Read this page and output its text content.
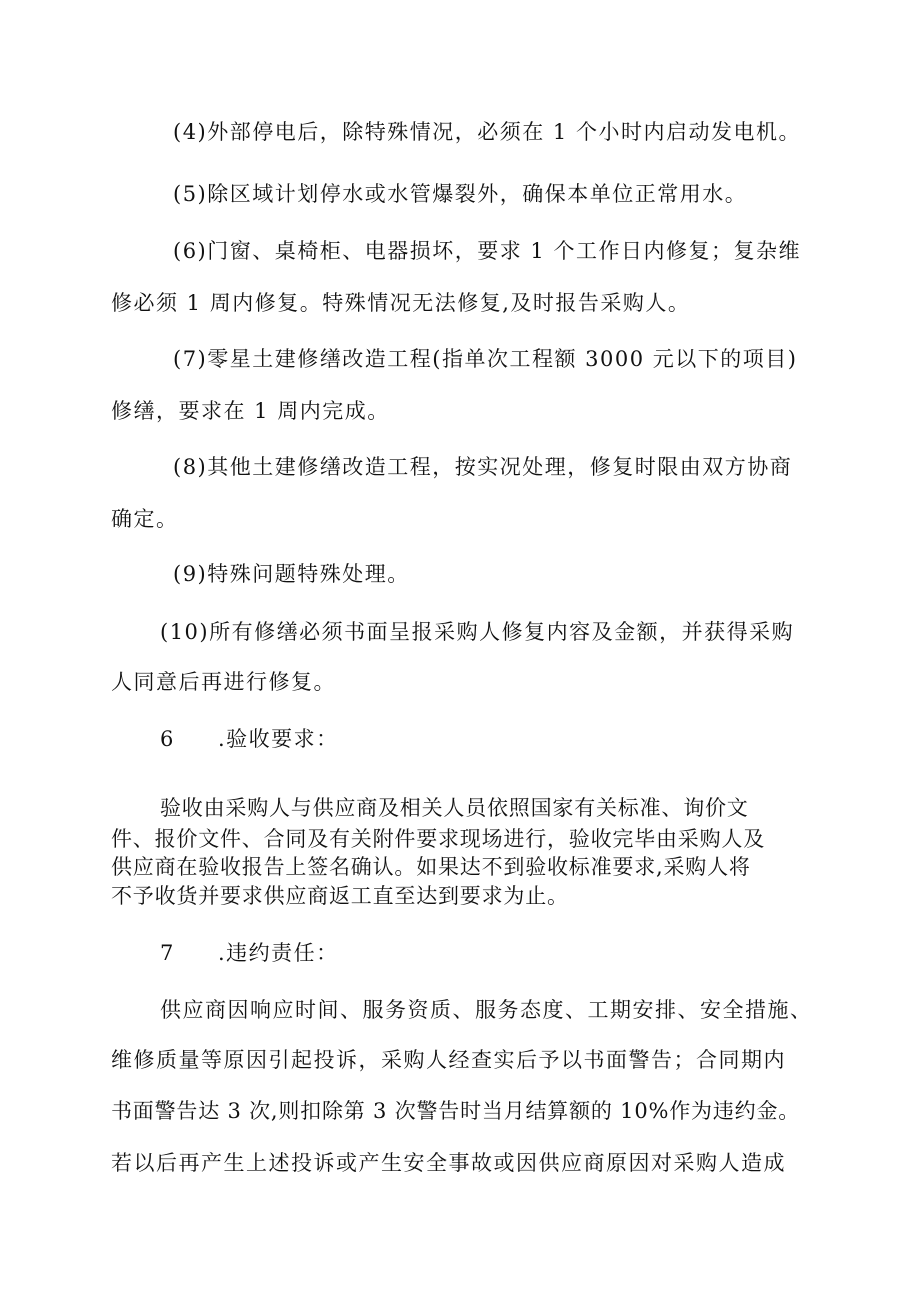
(4)外部停电后，除特殊情况，必须在 1 个小时内启动发电机。
(5)除区域计划停水或水管爆裂外，确保本单位正常用水。
(6)门窗、桌椅柜、电器损坏，要求 1 个工作日内修复；复杂维
修必须 1 周内修复。特殊情况无法修复,及时报告采购人。
(7)零星土建修缮改造工程(指单次工程额 3000 元以下的项目)
修缮，要求在 1 周内完成。
(8)其他土建修缮改造工程，按实况处理，修复时限由双方协商
确定。
(9)特殊问题特殊处理。
(10)所有修缮必须书面呈报采购人修复内容及金额，并获得采购
人同意后再进行修复。
6 .验收要求：
验收由采购人与供应商及相关人员依照国家有关标准、询价文
件、报价文件、合同及有关附件要求现场进行，验收完毕由采购人及
供应商在验收报告上签名确认。如果达不到验收标准要求,采购人将
不予收货并要求供应商返工直至达到要求为止。
7 .违约责任：
供应商因响应时间、服务资质、服务态度、工期安排、安全措施、
维修质量等原因引起投诉，采购人经查实后予以书面警告；合同期内
书面警告达 3 次,则扣除第 3 次警告时当月结算额的 10%作为违约金。
若以后再产生上述投诉或产生安全事故或因供应商原因对采购人造成
